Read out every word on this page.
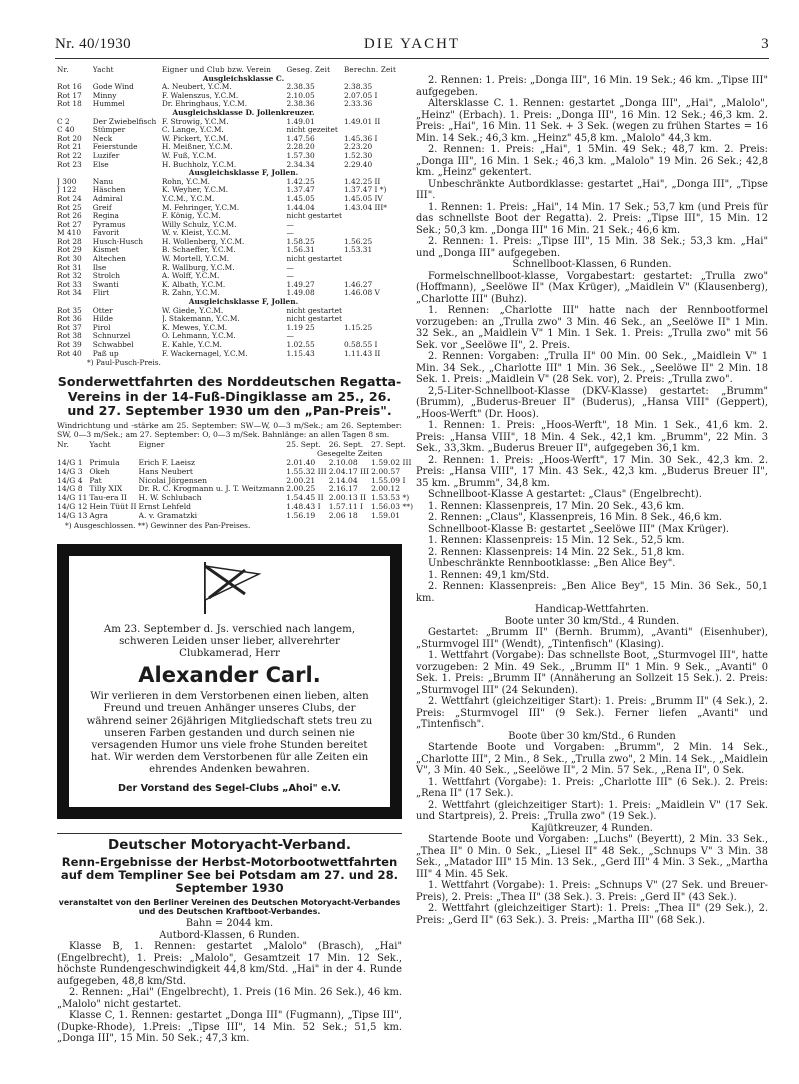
Nr. 40/1930	DIE YACHT	3
Nr.	Yacht	Eigner und Club bzw. Verein	Geseg. Zeit	Berechn. Zeit
Ausgleichsklasse C.				
Rot 16	Gode Wind	A. Neubert, Y.C.M.	2.38.35	2.38.35
Rot 17	Minny	F. Walenszus, Y.C.M.	2.10.05	2.07.05 I
Rot 18	Hummel	Dr. Ehringhaus, Y.C.M.	2.38.36	2.33.36
Ausgleichsklasse D. Jollenkreuzer.				
C 2	Der Zwiebelfisch	F. Strowig, Y.C.M.	1.49.01	1.49.01 II
C 40	Stümper	C. Lange, Y.C.M.	nicht gezeitet	
Rot 20	Neck	W. Pickert, Y.C.M.	1.47.56	1.45.36 I
Rot 21	Feierstunde	H. Meißner, Y.C.M.	2.28.20	2.23.20
Rot 22	Luzifer	W. Fuß, Y.C.M.	1.57.30	1.52.30
Rot 23	Else	H. Buchholz, Y.C.M.	2.34.34	2.29.40
Ausgleichsklasse F, Jollen.				
J 300	Nanu	Rohn, Y.C.M.	1.42.25	1.42.25 II
J 122	Häschen	K. Weyher, Y.C.M.	1.37.47	1.37.47 I *)
Rot 24	Admiral	Y.C.M., Y.C.M.	1.45.05	1.45.05 IV
Rot 25	Greif	M. Fehringer, Y.C.M.	1.44.04	1.43.04 III*
Rot 26	Regina	F. König, Y.C.M.	nicht gestartet	
Rot 27	Pyramus	Willy Schulz, Y.C.M.	—	
M 410	Favorit	W. v. Kleist, Y.C.M.	—	
Rot 28	Husch-Husch	H. Wollenberg, Y.C.M.	1.58.25	1.56.25
Rot 29	Kismet	B. Schaeffer, Y.C.M.	1.56.31	1.53.31
Rot 30	Altechen	W. Mortell, Y.C.M.	nicht gestartet	
Rot 31	Ilse	R. Wallburg, Y.C.M.	—	
Rot 32	Strolch	A. Wolff, Y.C.M.	—	
Rot 33	Swanti	K. Albath, Y.C.M.	1.49.27	1.46.27
Rot 34	Flirt	R. Zahn, Y.C.M.	1.49.08	1.46.08 V
Ausgleichsklasse F, Jollen.				
Rot 35	Otter	W. Giede, Y.C.M.	nicht gestartet	
Rot 36	Hilde	J. Stakemann, Y.C.M.	nicht gestartet	
Rot 37	Pirol	K. Mewes, Y.C.M.	1.19 25	1.15.25
Rot 38	Schnurzel	O. Lehmann, Y.C.M.	—	
Rot 39	Schwabbel	E. Kahle, Y.C.M.	1.02.55	0.58.55 I
Rot 40	Paß up	F. Wackernagel, Y.C.M.	1.15.43	1.11.43 II
*) Paul-Pusch-Preis.
Sonderwettfahrten des Norddeutschen Regatta-Vereins in der 14-Fuß-Dingiklasse am 25., 26. und 27. September 1930 um den „Pan-Preis".

Windrichtung und -stärke am 25. September: SW—W, 0—3 m/Sek.; am 26. September: SW, 0—3 m/Sek.; am 27. September: O, 0—3 m/Sek. Bahnlänge: an allen Tagen 8 sm.

Nr.	Yacht	Eigner	25. Sept.	26. Sept.	27. Sept.
			Gesegelte Zeiten		
14/G 1	Primula	Erich F. Laeisz	2.01.40	2.10.08	1.59.02 III
14/G 3	Okeh	Hans Neubert	1.55.32 III	2.04.17 III	2.00.57
14/G 4	Pat	Nicolai Jörgensen	2.00.21	2.14.04	1.55.09 I
14/G 8	Tilly XIX	Dr. R. C. Krogmann u. J. T. Weitzmann	2.00.25	2.16.17	2.00.12
14/G 11	Tau-era II	H. W. Schlubach	1.54.45 II	2.00.13 II	1.53.53 *)
14/G 12	Hein Tüüt II	Ernst Lehfeld	1.48.43 I	1.57.11 I	1.56.03 **)
14/G 13	Agra	A. v. Gramatzki	1.56.19	2.06 18	1.59.01
*) Ausgeschlossen. **) Gewinner des Pan-Preises.

Am 23. September d. Js. verschied nach langem, schweren Leiden unser lieber, allverehrter Clubkamerad, Herr

Alexander Carl.

Wir verlieren in dem Verstorbenen einen lieben, alten Freund und treuen Anhänger unseres Clubs, der während seiner 26jährigen Mitgliedschaft stets treu zu unseren Farben gestanden und durch seinen nie versagenden Humor uns viele frohe Stunden bereitet hat. Wir werden dem Verstorbenen für alle Zeiten ein ehrendes Andenken bewahren.

Der Vorstand des Segel-Clubs „Ahoi" e.V.

Deutscher Motoryacht-Verband.
Renn-Ergebnisse der Herbst-Motorbootwettfahrten auf dem Templiner See bei Potsdam am 27. und 28. September 1930
veranstaltet von den Berliner Vereinen des Deutschen Motoryacht-Verbandes und des Deutschen Kraftboot-Verbandes.

Bahn = 2044 km.

Autbord-Klassen, 6 Runden.

Klasse B, 1. Rennen: gestartet „Malolo" (Brasch), „Hai" (Engelbrecht), 1. Preis: „Malolo", Gesamtzeit 17 Min. 12 Sek., höchste Rundengeschwindigkeit 44,8 km/Std. „Hai" in der 4. Runde aufgegeben, 48,8 km/Std.

2. Rennen: „Hai" (Engelbrecht), 1. Preis (16 Min. 26 Sek.), 46 km. „Malolo" nicht gestartet.

Klasse C, 1. Rennen: gestartet „Donga III" (Fugmann), „Tipse III", (Dupke-Rhode), 1.Preis: „Tipse III", 14 Min. 52 Sek.; 51,5 km. „Donga III", 15 Min. 50 Sek.; 47,3 km.

2. Rennen: 1. Preis: „Donga III", 16 Min. 19 Sek.; 46 km. „Tipse III" aufgegeben.

Altersklasse C. 1. Rennen: gestartet „Donga III", „Hai", „Malolo", „Heinz" (Erbach). 1. Preis: „Donga III", 16 Min. 12 Sek.; 46,3 km. 2. Preis: „Hai", 16 Min. 11 Sek. + 3 Sek. (wegen zu frühen Startes = 16 Min. 14 Sek.; 46,3 km. „Heinz" 45,8 km. „Malolo" 44,3 km.

2. Rennen: 1. Preis: „Hai", 1 5Min. 49 Sek.; 48,7 km. 2. Preis: „Donga III", 16 Min. 1 Sek.; 46,3 km. „Malolo" 19 Min. 26 Sek.; 42,8 km. „Heinz" gekentert.

Unbeschränkte Autbordklasse: gestartet „Hai", „Donga III", „Tipse III".

1. Rennen: 1. Preis: „Hai", 14 Min. 17 Sek.; 53,7 km (und Preis für das schnellste Boot der Regatta). 2. Preis: „Tipse III", 15 Min. 12 Sek.; 50,3 km. „Donga III" 16 Min. 21 Sek.; 46,6 km.

2. Rennen: 1. Preis: „Tipse III", 15 Min. 38 Sek.; 53,3 km. „Hai" und „Donga III" aufgegeben.

Schnellboot-Klassen, 6 Runden.

Formelschnellboot-klasse, Vorgabestart: gestartet: „Trulla zwo" (Hoffmann), „Seelöwe II" (Max Krüger), „Maidlein V" (Klausenberg), „Charlotte III" (Buhz).

1. Rennen: „Charlotte III" hatte nach der Rennbootformel vorzugeben: an „Trulla zwo" 3 Min. 46 Sek., an „Seelöwe II" 1 Min. 32 Sek., an „Maidlein V" 1 Min. 1 Sek. 1. Preis: „Trulla zwo" mit 56 Sek. vor „Seelöwe II", 2. Preis.

2. Rennen: Vorgaben: „Trulla II" 00 Min. 00 Sek., „Maidlein V" 1 Min. 34 Sek., „Charlotte III" 1 Min. 36 Sek., „Seelöwe II" 2 Min. 18 Sek. 1. Preis: „Maidlein V" (28 Sek. vor), 2. Preis: „Trulla zwo".

2,5-Liter-Schnellboot-Klasse (DKV-Klasse) gestartet: „Brumm" (Brumm), „Buderus-Breuer II" (Buderus), „Hansa VIII" (Geppert), „Hoos-Werft" (Dr. Hoos).

1. Rennen: 1. Preis: „Hoos-Werft", 18 Min. 1 Sek., 41,6 km. 2. Preis: „Hansa VIII", 18 Min. 4 Sek., 42,1 km. „Brumm", 22 Min. 3 Sek., 33,3km. „Buderus Breuer II", aufgegeben 36,1 km.

2. Rennen: 1. Preis: „Hoos-Werft", 17 Min. 30 Sek., 42,3 km. 2. Preis: „Hansa VIII", 17 Min. 43 Sek., 42,3 km. „Buderus Breuer II", 35 km. „Brumm", 34,8 km.

Schnellboot-Klasse A gestartet: „Claus" (Engelbrecht).

1. Rennen: Klassenpreis, 17 Min. 20 Sek., 43,6 km.

2. Rennen: „Claus", Klassenpreis, 16 Min. 8 Sek., 46,6 km.

Schnellboot-Klasse B: gestartet „Seelöwe III" (Max Krüger).

1. Rennen: Klassenpreis: 15 Min. 12 Sek., 52,5 km.

2. Rennen: Klassenpreis: 14 Min. 22 Sek., 51,8 km.

Unbeschränkte Rennbootklasse: „Ben Alice Bey".

1. Rennen: 49,1 km/Std.

2. Rennen: Klassenpreis: „Ben Alice Bey", 15 Min. 36 Sek., 50,1 km.

Handicap-Wettfahrten.

Boote unter 30 km/Std., 4 Runden.

Gestartet: „Brumm II" (Bernh. Brumm), „Avanti" (Eisenhuber), „Sturmvogel III" (Wendt), „Tintenfisch" (Klasing).

1. Wettfahrt (Vorgabe): Das schnellste Boot, „Sturmvogel III", hatte vorzugeben: 2 Min. 49 Sek., „Brumm II" 1 Min. 9 Sek., „Avanti" 0 Sek. 1. Preis: „Brumm II" (Annäherung an Sollzeit 15 Sek.). 2. Preis: „Sturmvogel III" (24 Sekunden).

2. Wettfahrt (gleichzeitiger Start): 1. Preis: „Brumm II" (4 Sek.), 2. Preis: „Sturmvogel III" (9 Sek.). Ferner liefen „Avanti" und „Tintenfisch".

Boote über 30 km/Std., 6 Runden

Startende Boote und Vorgaben: „Brumm", 2 Min. 14 Sek., „Charlotte III", 2 Min., 8 Sek., „Trulla zwo", 2 Min. 14 Sek., „Maidlein V", 3 Min. 40 Sek., „Seelöwe II", 2 Min. 57 Sek., „Rena II", 0 Sek.

1. Wettfahrt (Vorgabe): 1. Preis: „Charlotte III" (6 Sek.). 2. Preis: „Rena II" (17 Sek.).

2. Wettfahrt (gleichzeitiger Start): 1. Preis: „Maidlein V" (17 Sek. und Startpreis), 2. Preis: „Trulla zwo" (19 Sek.).

Kajütkreuzer, 4 Runden.

Startende Boote und Vorgaben: „Luchs" (Beyertt), 2 Min. 33 Sek., „Thea II" 0 Min. 0 Sek., „Liesel II" 48 Sek., „Schnups V" 3 Min. 38 Sek., „Matador III" 15 Min. 13 Sek., „Gerd III" 4 Min. 3 Sek., „Martha III" 4 Min. 45 Sek.

1. Wettfahrt (Vorgabe): 1. Preis: „Schnups V" (27 Sek. und Breuer-Preis), 2. Preis: „Thea II" (38 Sek.). 3. Preis: „Gerd II" (43 Sek.).

2. Wettfahrt (gleichzeitiger Start): 1. Preis: „Thea II" (29 Sek.), 2. Preis: „Gerd II" (63 Sek.). 3. Preis: „Martha III" (68 Sek.).
